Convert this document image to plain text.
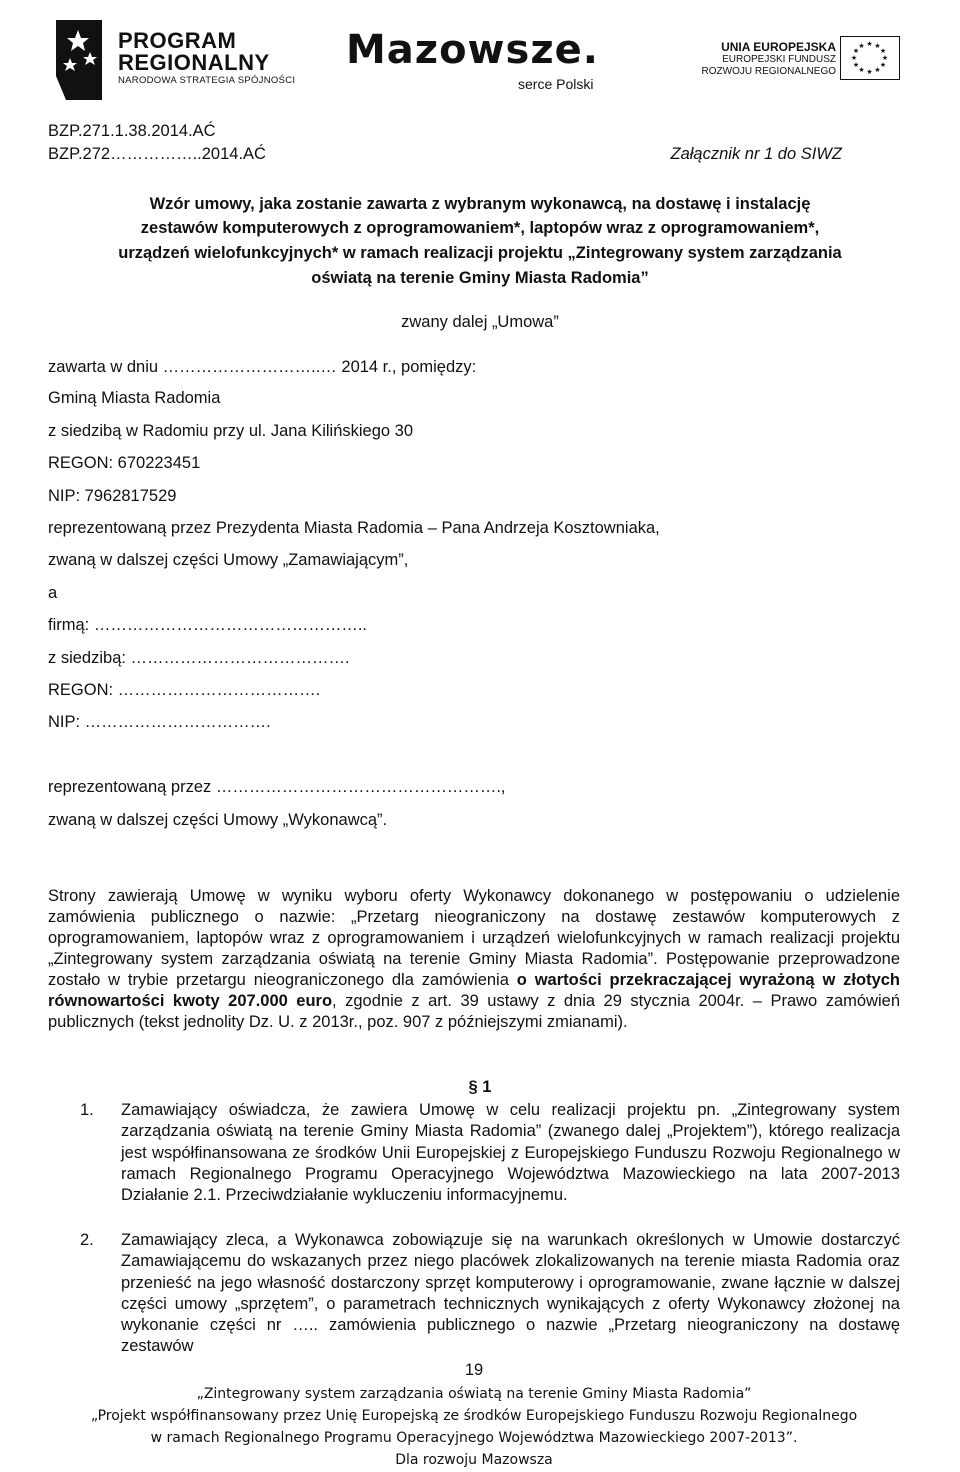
PROGRAM
REGIONALNY
NARODOWA STRATEGIA SPÓJNOŚCI
Mazowsze.
serce Polski
UNIA EUROPEJSKA
EUROPEJSKI FUNDUSZ
ROZWOJU REGIONALNEGO
★ ★
★
★
★
★
★
★
★
★
★
★
BZP.271.1.38.2014.AĆ
BZP.272……………..2014.AĆ	Załącznik nr 1 do SIWZ
Wzór umowy, jaka zostanie zawarta z wybranym wykonawcą, na dostawę i instalację
zestawów komputerowych z oprogramowaniem*, laptopów wraz z oprogramowaniem*,
urządzeń wielofunkcyjnych* w ramach realizacji projektu „Zintegrowany system zarządzania
oświatą na terenie Gminy Miasta Radomia”
zwany dalej „Umowa”
zawarta w dniu ………………………..… 2014 r., pomiędzy:
Gminą Miasta Radomia
z siedzibą w Radomiu przy ul. Jana Kilińskiego 30
REGON: 670223451
NIP: 7962817529
reprezentowaną przez Prezydenta Miasta Radomia – Pana Andrzeja Kosztowniaka,
zwaną w dalszej części Umowy „Zamawiającym”,
a
firmą: …………………………………………..
z siedzibą: ………………………………….
REGON: ……………………………….
NIP: …………………………….
reprezentowaną przez …………………………………………….,
zwaną w dalszej części Umowy „Wykonawcą”.
Strony zawierają Umowę w wyniku wyboru oferty Wykonawcy dokonanego w postępowaniu o udzielenie zamówienia publicznego o nazwie: „Przetarg nieograniczony na dostawę zestawów komputerowych z oprogramowaniem, laptopów wraz z oprogramowaniem i urządzeń wielofunkcyjnych w ramach realizacji projektu „Zintegrowany system zarządzania oświatą na terenie Gminy Miasta Radomia”. Postępowanie przeprowadzone zostało w trybie przetargu nieograniczonego dla zamówienia o wartości przekraczającej wyrażoną w złotych równowartości kwoty 207.000 euro, zgodnie z art. 39 ustawy z dnia 29 stycznia 2004r. – Prawo zamówień publicznych (tekst jednolity Dz. U. z 2013r., poz. 907 z późniejszymi zmianami).
§ 1
1. Zamawiający oświadcza, że zawiera Umowę w celu realizacji projektu pn. „Zintegrowany system zarządzania oświatą na terenie Gminy Miasta Radomia” (zwanego dalej „Projektem”), którego realizacja jest współfinansowana ze środków Unii Europejskiej z Europejskiego Funduszu Rozwoju Regionalnego w ramach Regionalnego Programu Operacyjnego Województwa Mazowieckiego na lata 2007-2013 Działanie 2.1. Przeciwdziałanie wykluczeniu informacyjnemu.
2. Zamawiający zleca, a Wykonawca zobowiązuje się na warunkach określonych w Umowie dostarczyć Zamawiającemu do wskazanych przez niego placówek zlokalizowanych na terenie miasta Radomia oraz przenieść na jego własność dostarczony sprzęt komputerowy i oprogramowanie, zwane łącznie w dalszej części umowy „sprzętem”, o parametrach technicznych wynikających z oferty Wykonawcy złożonej na wykonanie części nr ….. zamówienia publicznego o nazwie „Przetarg nieograniczony na dostawę zestawów
19
„Zintegrowany system zarządzania oświatą na terenie Gminy Miasta Radomia”
„Projekt współfinansowany przez Unię Europejską ze środków Europejskiego Funduszu Rozwoju Regionalnego
w ramach Regionalnego Programu Operacyjnego Województwa Mazowieckiego 2007-2013”.
Dla rozwoju Mazowsza
